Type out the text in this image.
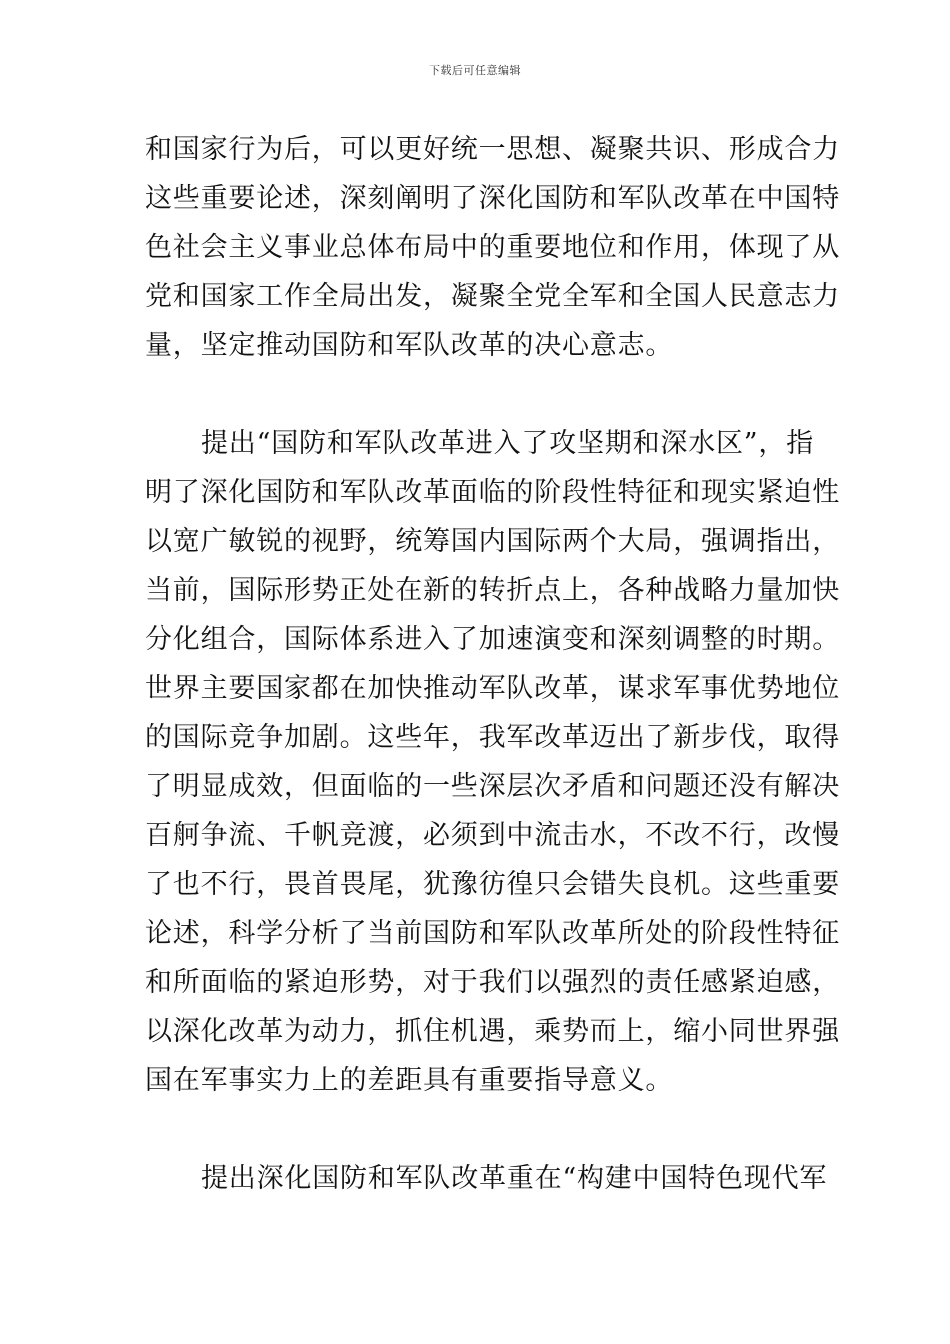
下载后可任意编辑
和国家行为后，可以更好统一思想、凝聚共识、形成合力
这些重要论述，深刻阐明了深化国防和军队改革在中国特
色社会主义事业总体布局中的重要地位和作用，体现了从
党和国家工作全局出发，凝聚全党全军和全国人民意志力
量，坚定推动国防和军队改革的决心意志。
提出“国防和军队改革进入了攻坚期和深水区”，指
明了深化国防和军队改革面临的阶段性特征和现实紧迫性
以宽广敏锐的视野，统筹国内国际两个大局，强调指出，
当前，国际形势正处在新的转折点上，各种战略力量加快
分化组合，国际体系进入了加速演变和深刻调整的时期。
世界主要国家都在加快推动军队改革，谋求军事优势地位
的国际竞争加剧。这些年，我军改革迈出了新步伐，取得
了明显成效，但面临的一些深层次矛盾和问题还没有解决
百舸争流、千帆竞渡，必须到中流击水，不改不行，改慢
了也不行，畏首畏尾，犹豫彷徨只会错失良机。这些重要
论述，科学分析了当前国防和军队改革所处的阶段性特征
和所面临的紧迫形势，对于我们以强烈的责任感紧迫感，
以深化改革为动力，抓住机遇，乘势而上，缩小同世界强
国在军事实力上的差距具有重要指导意义。
提出深化国防和军队改革重在“构建中国特色现代军
